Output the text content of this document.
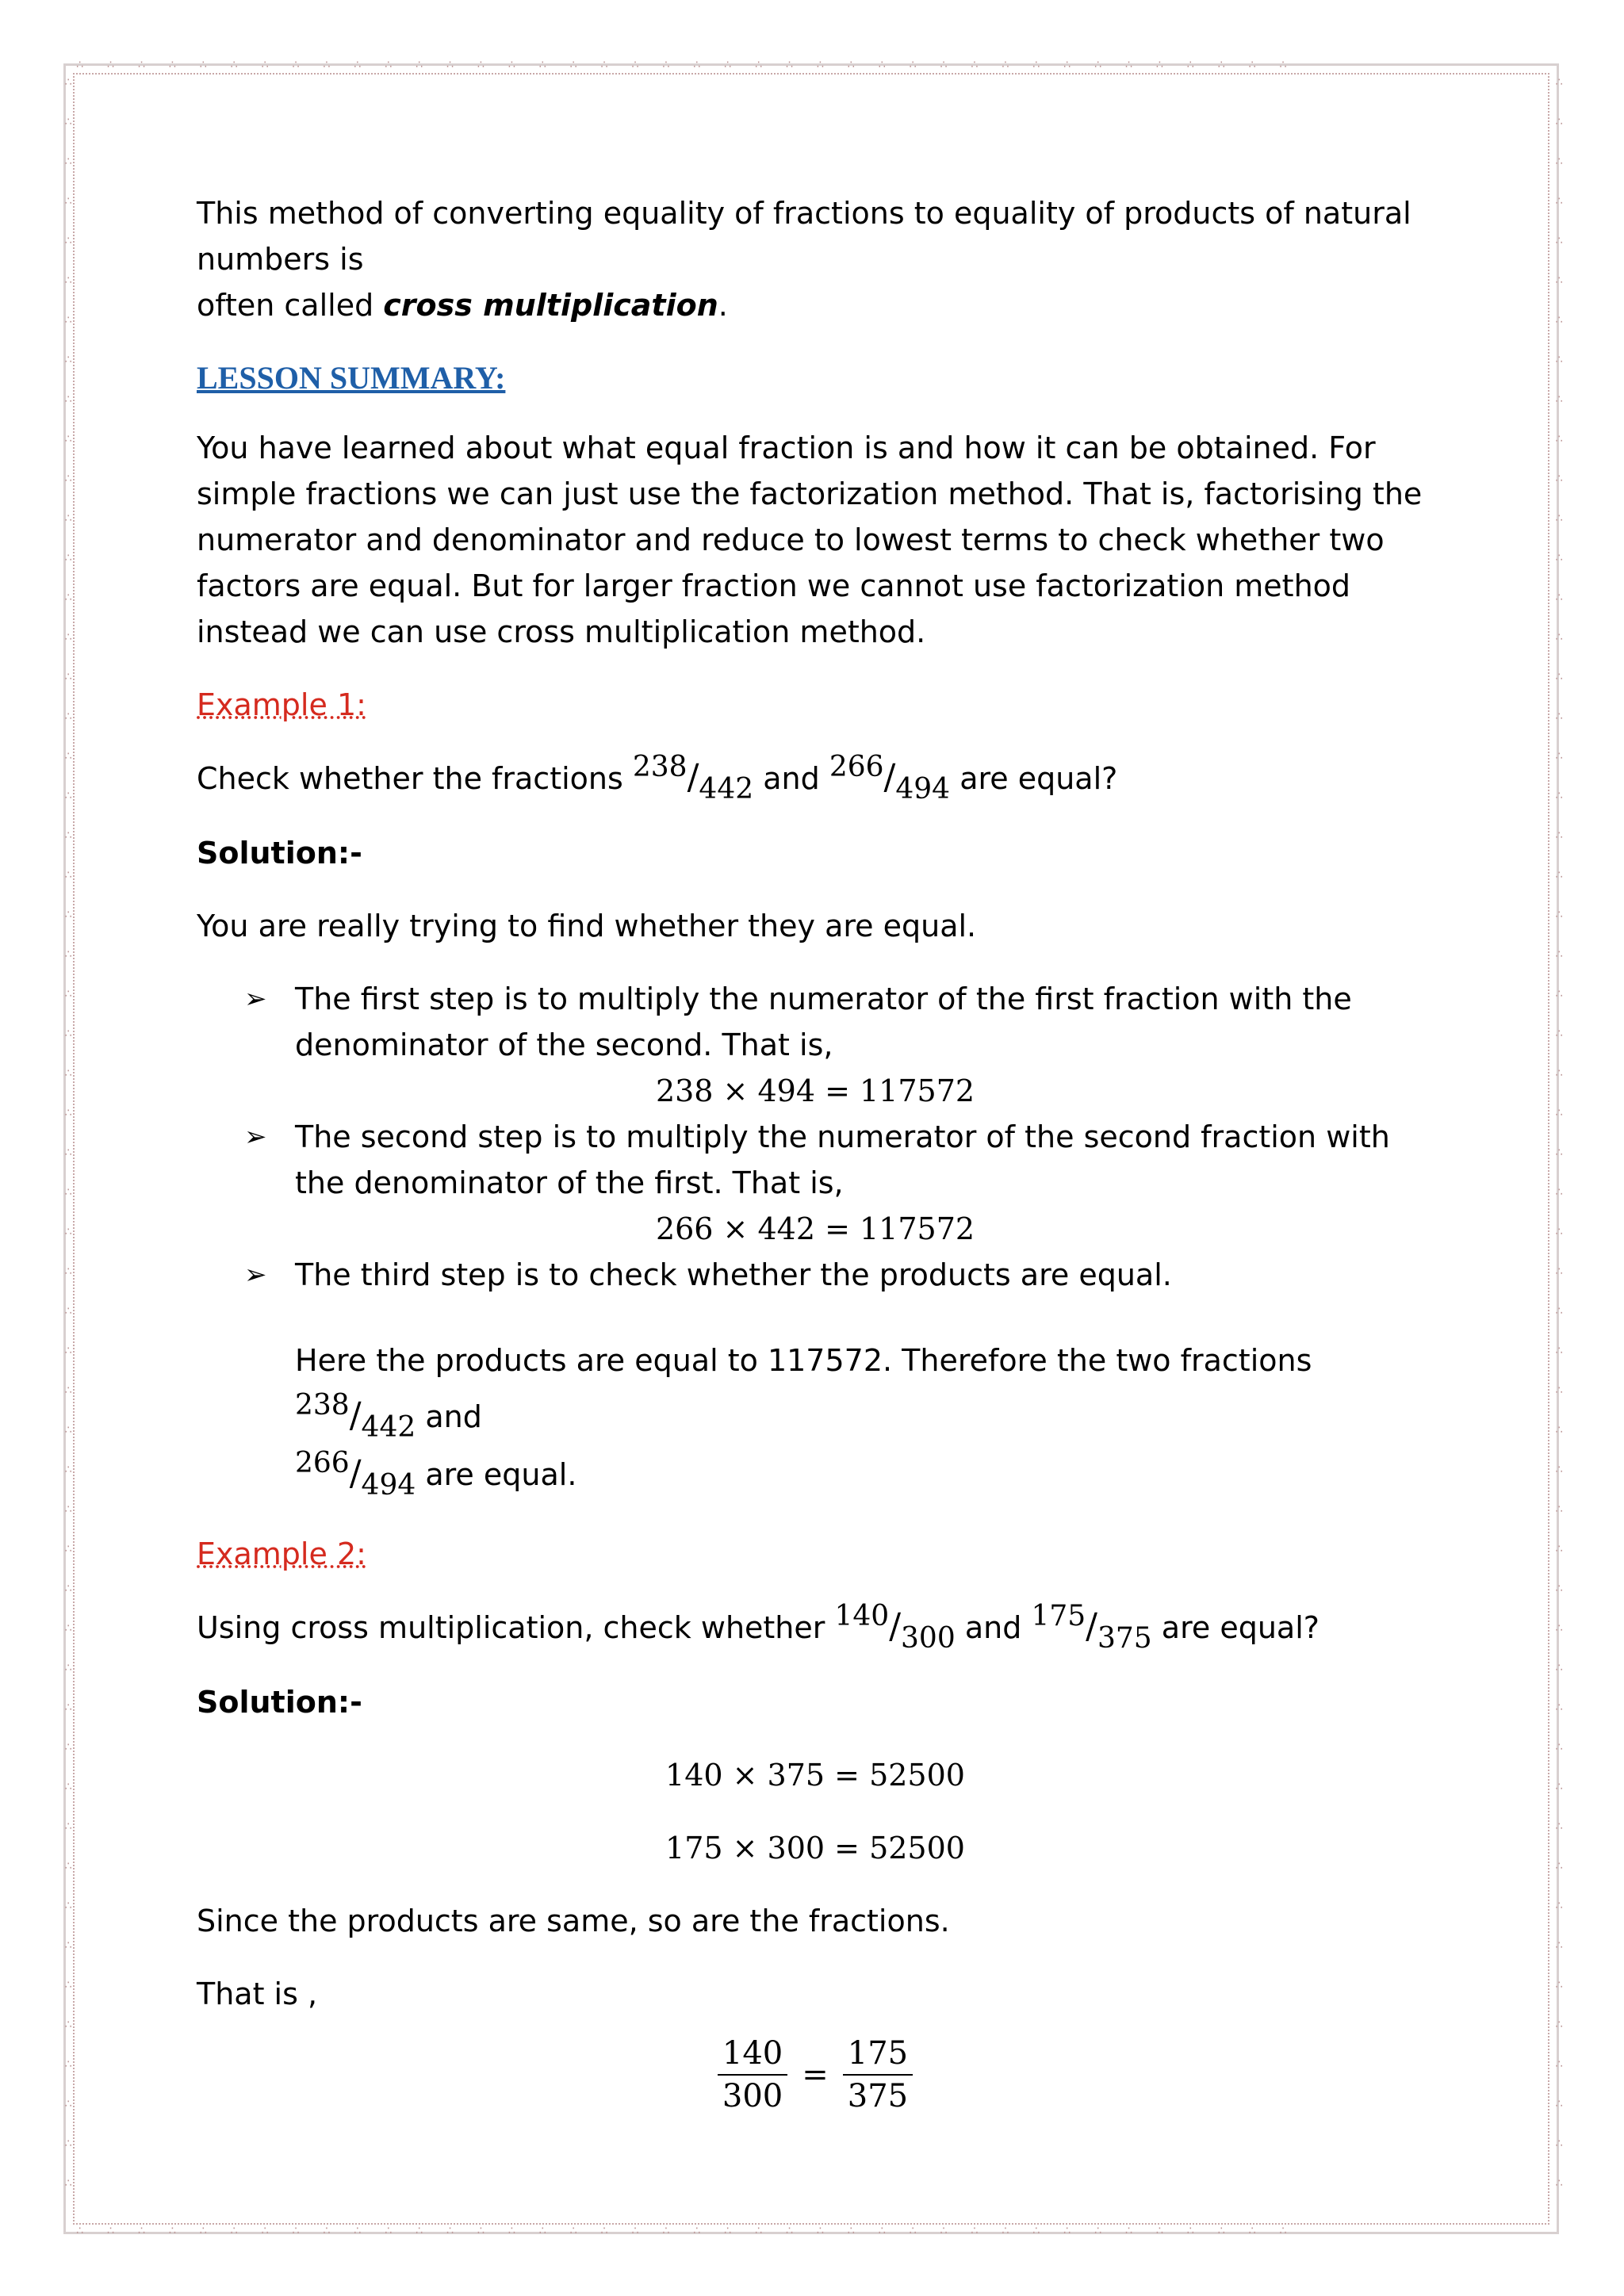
∴∴∴∴∴∴∴∴∴∴∴∴∴∴∴∴∴∴∴∴∴∴∴∴∴∴∴∴∴∴∴∴∴∴∴∴∴∴∴∴
∴∴∴∴∴∴∴∴∴∴∴∴∴∴∴∴∴∴∴∴∴∴∴∴∴∴∴∴∴∴∴∴∴∴∴∴∴∴∴∴
∴∴∴∴∴∴∴∴∴∴∴∴∴∴∴∴∴∴∴∴∴∴∴∴∴∴∴∴∴∴∴∴∴∴∴∴∴∴∴∴∴∴∴∴∴∴∴∴∴∴∴∴∴∴	∴∴∴∴∴∴∴∴∴∴∴∴∴∴∴∴∴∴∴∴∴∴∴∴∴∴∴∴∴∴∴∴∴∴∴∴∴∴∴∴∴∴∴∴∴∴∴∴∴∴∴∴∴∴

This method of converting equality of fractions to equality of products of natural numbers is
often called cross multiplication.

LESSON SUMMARY:

You have learned about what equal fraction is and how it can be obtained. For simple fractions we can just use the factorization method. That is, factorising the numerator and denominator and reduce to lowest terms to check whether two factors are equal. But for larger fraction we cannot use factorization method instead we can use cross multiplication method.

Example 1:

Check whether the fractions 238/442 and 266/494 are equal?

Solution:-

You are really trying to find whether they are equal.

➢ The first step is to multiply the numerator of the first fraction with the denominator of the second. That is,
238 × 494 = 117572
➢ The second step is to multiply the numerator of the second fraction with the denominator of the first. That is,
266 × 442 = 117572
➢ The third step is to check whether the products are equal.

Here the products are equal to 117572. Therefore the two fractions 238/442 and
266/494 are equal.

Example 2:

Using cross multiplication, check whether 140/300 and 175/375 are equal?

Solution:-

140 × 375 = 52500

175 × 300 = 52500

Since the products are same, so are the fractions.

That is ,

$\frac{140}{300} = \frac{175}{375}$
